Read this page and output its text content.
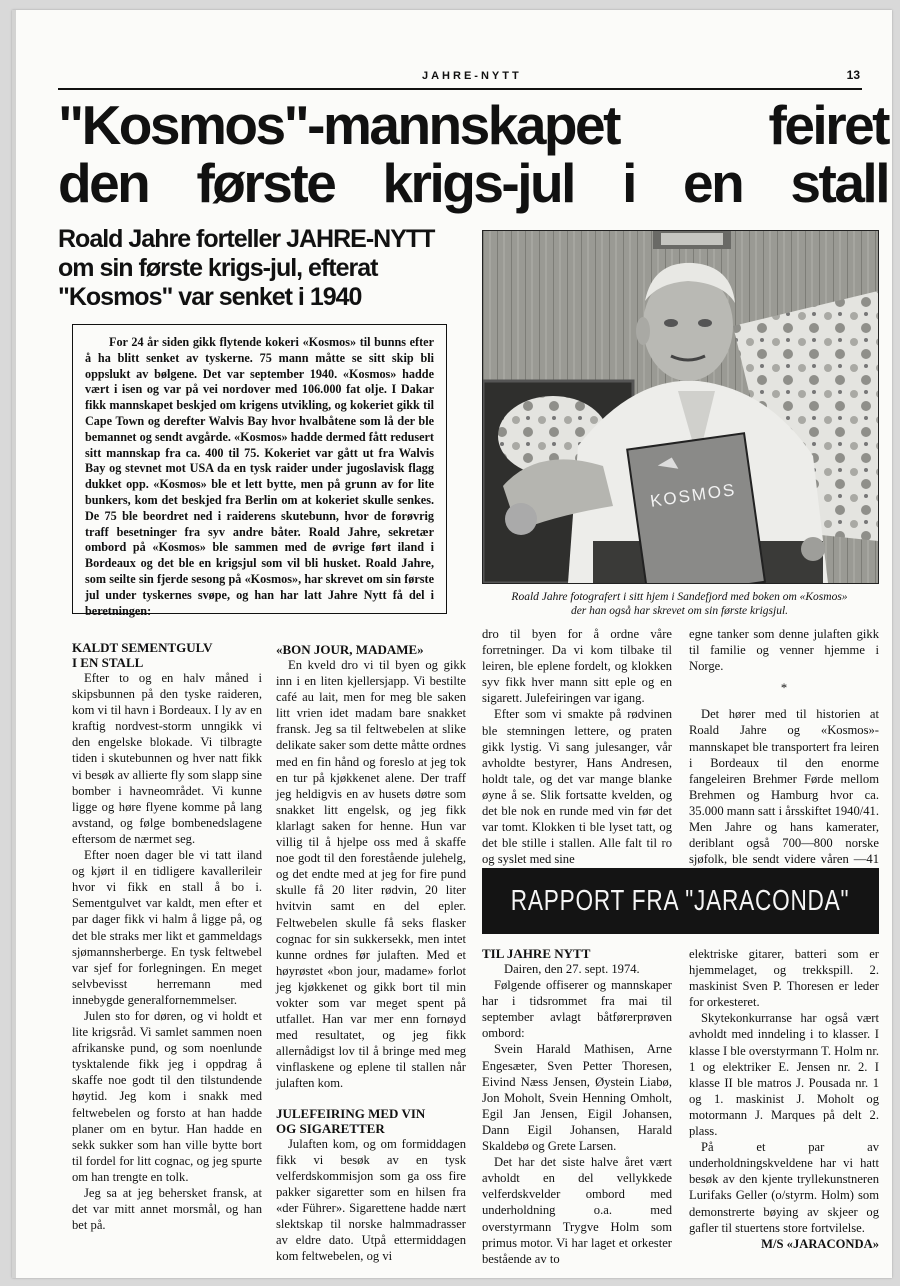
JAHRE-NYTT	13
"Kosmos"-mannskapet feiret
den første krigs-jul i en stall
Roald Jahre forteller JAHRE-NYTT
om sin første krigs-jul, efterat
"Kosmos" var senket i 1940

For 24 år siden gikk flytende kokeri «Kosmos» til bunns efter å ha blitt senket av tyskerne. 75 mann måtte se sitt skip bli oppslukt av bølgene. Det var september 1940. «Kosmos» hadde vært i isen og var på vei nordover med 106.000 fat olje. I Dakar fikk mannskapet beskjed om krigens utvikling, og kokeriet gikk til Cape Town og derefter Walvis Bay hvor hvalbåtene som lå der ble bemannet og sendt avgårde. «Kosmos» hadde dermed fått redusert sitt mannskap fra ca. 400 til 75. Kokeriet var gått ut fra Walvis Bay og stevnet mot USA da en tysk raider under jugoslavisk flagg dukket opp. «Kosmos» ble et lett bytte, men på grunn av for lite bunkers, kom det beskjed fra Berlin om at kokeriet skulle senkes. De 75 ble beordret ned i raiderens skutebunn, hvor de forøvrig traff besetninger fra syv andre båter. Roald Jahre, sekretær ombord på «Kosmos» ble sammen med de øvrige ført iland i Bordeaux og det ble en krigsjul som vil bli husket. Roald Jahre, som seilte sin fjerde sesong på «Kosmos», har skrevet om sin første jul under tyskernes svøpe, og han har latt Jahre Nytt få del i beretningen:

KOSMOS
Roald Jahre fotografert i sitt hjem i Sandefjord med boken om «Kosmos»
der han også har skrevet om sin første krigsjul.
KALDT SEMENTGULV
I EN STALL

Efter to og en halv måned i skipsbunnen på den tyske raideren, kom vi til havn i Bordeaux. I ly av en kraftig nordvest-storm unngikk vi den engelske blokade. Vi tilbragte tiden i skutebunnen og hver natt fikk vi besøk av allierte fly som slapp sine bomber i havneområdet. Vi kunne ligge og høre flyene komme på lang avstand, og følge bombenedslagene eftersom de nærmet seg.

Efter noen dager ble vi tatt iland og kjørt il en tidligere kavallerileir hvor vi fikk en stall å bo i. Sementgulvet var kaldt, men efter et par dager fikk vi halm å ligge på, og det ble straks mer likt et gammeldags sjømannsherberge. En tysk feltwebel var sjef for forlegningen. En meget selvbevisst herremann med innebygde generalfornemmelser.

Julen sto for døren, og vi holdt et lite krigsråd. Vi samlet sammen noen afrikanske pund, og som noenlunde tysktalende fikk jeg i oppdrag å skaffe noe godt til den tilstundende høytid. Jeg kom i snakk med feltwebelen og forsto at han hadde planer om en bytur. Han hadde en sekk sukker som han ville bytte bort til fordel for litt cognac, og jeg spurte om han trengte en tolk.

Jeg sa at jeg behersket fransk, at det var mitt annet morsmål, og han bet på.

«BON JOUR, MADAME»

En kveld dro vi til byen og gikk inn i en liten kjellersjapp. Vi bestilte café au lait, men for meg ble saken litt vrien idet madam bare snakket fransk. Jeg sa til feltwebelen at slike delikate saker som dette måtte ordnes med en fin hånd og foreslo at jeg tok en tur på kjøkkenet alene. Der traff jeg heldigvis en av husets døtre som snakket litt engelsk, og jeg fikk klarlagt saken for henne. Hun var villig til å hjelpe oss med å skaffe noe godt til den forestående julehelg, og det endte med at jeg for fire pund skulle få 20 liter rødvin, 20 liter hvitvin samt en del epler. Feltwebelen skulle få seks flasker cognac for sin sukkersekk, men intet kunne ordnes før julaften. Med et høyrøstet «bon jour, madame» forlot jeg kjøkkenet og gikk bort til min vokter som var meget spent på utfallet. Han var mer enn fornøyd med resultatet, og jeg fikk allernådigst lov til å bringe med meg vinflaskene og eplene til stallen når julaften kom.

JULEFEIRING MED VIN
OG SIGARETTER

Julaften kom, og om formiddagen fikk vi besøk av en tysk velferdskommisjon som ga oss fire pakker sigaretter som en hilsen fra «der Führer». Sigarettene hadde nært slektskap til norske halmmadrasser av eldre dato. Utpå ettermiddagen kom feltwebelen, og vi

dro til byen for å ordne våre forretninger. Da vi kom tilbake til leiren, ble eplene fordelt, og klokken syv fikk hver mann sitt eple og en sigarett. Julefeiringen var igang.

Efter som vi smakte på rødvinen ble stemningen lettere, og praten gikk lystig. Vi sang julesanger, vår avholdte bestyrer, Hans Andresen, holdt tale, og det var mange blanke øyne å se. Slik fortsatte kvelden, og det ble nok en runde med vin før det var tomt. Klokken ti ble lyset tatt, og det ble stille i stallen. Alle falt til ro og syslet med sine

egne tanker som denne julaften gikk til familie og venner hjemme i Norge.

*

Det hører med til historien at Roald Jahre og «Kosmos»-mannskapet ble transportert fra leiren i Bordeaux til den enorme fangeleiren Brehmer Førde mellom Brehmen og Hamburg hvor ca. 35.000 mann satt i årsskiftet 1940/41. Men Jahre og hans kamerater, deriblant også 700—800 norske sjøfolk, ble sendt videre våren —41

RAPPORT FRA "JARACONDA"
TIL JAHRE NYTT

Dairen, den 27. sept. 1974.

Følgende offiserer og mannskaper har i tidsrommet fra mai til september avlagt båtførerprøven ombord:

Svein Harald Mathisen, Arne Engesæter, Sven Petter Thoresen, Eivind Næss Jensen, Øystein Liabø, Jon Moholt, Svein Henning Omholt, Egil Jan Jensen, Eigil Johansen, Dann Eigil Johansen, Harald Skaldebø og Grete Larsen.

Det har det siste halve året vært avholdt en del vellykkede velferdskvelder ombord med underholdning o.a. med overstyrmann Trygve Holm som primus motor. Vi har laget et orkester bestående av to

elektriske gitarer, batteri som er hjemmelaget, og trekkspill. 2. maskinist Sven P. Thoresen er leder for orkesteret.

Skytekonkurranse har også vært avholdt med inndeling i to klasser. I klasse I ble overstyrmann T. Holm nr. 1 og elektriker E. Jensen nr. 2. I klasse II ble matros J. Pousada nr. 1 og 1. maskinist J. Moholt og motormann J. Marques på delt 2. plass.

På et par av underholdningskveldene har vi hatt besøk av den kjente tryllekunstneren Lurifaks Geller (o/styrm. Holm) som demonstrerte bøying av skjeer og gafler til stuertens store fortvilelse.

M/S «JARACONDA»
